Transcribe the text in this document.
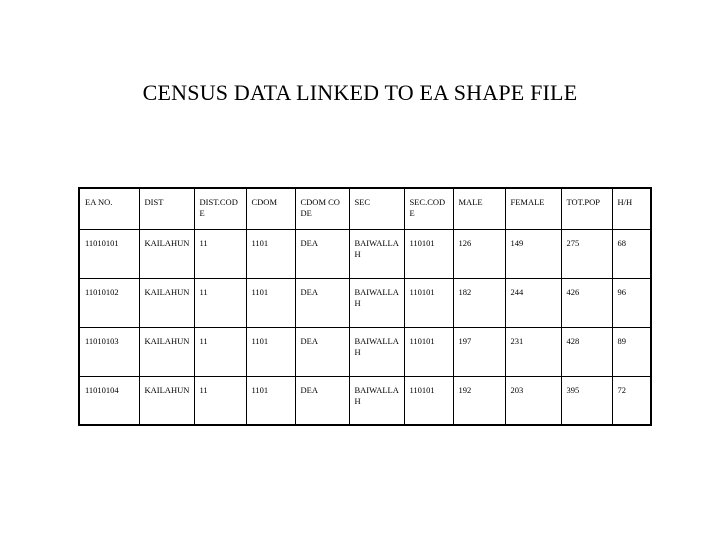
CENSUS DATA LINKED TO EA SHAPE FILE
EA NO.	DIST	DIST.CODE	CDOM	CDOM CODE	SEC	SEC.CODE	MALE	FEMALE	TOT.POP	H/H
11010101	KAILAHUN	11	1101	DEA	BAIWALLAH	110101	126	149	275	68
11010102	KAILAHUN	11	1101	DEA	BAIWALLAH	110101	182	244	426	96
11010103	KAILAHUN	11	1101	DEA	BAIWALLAH	110101	197	231	428	89
11010104	KAILAHUN	11	1101	DEA	BAIWALLAH	110101	192	203	395	72
